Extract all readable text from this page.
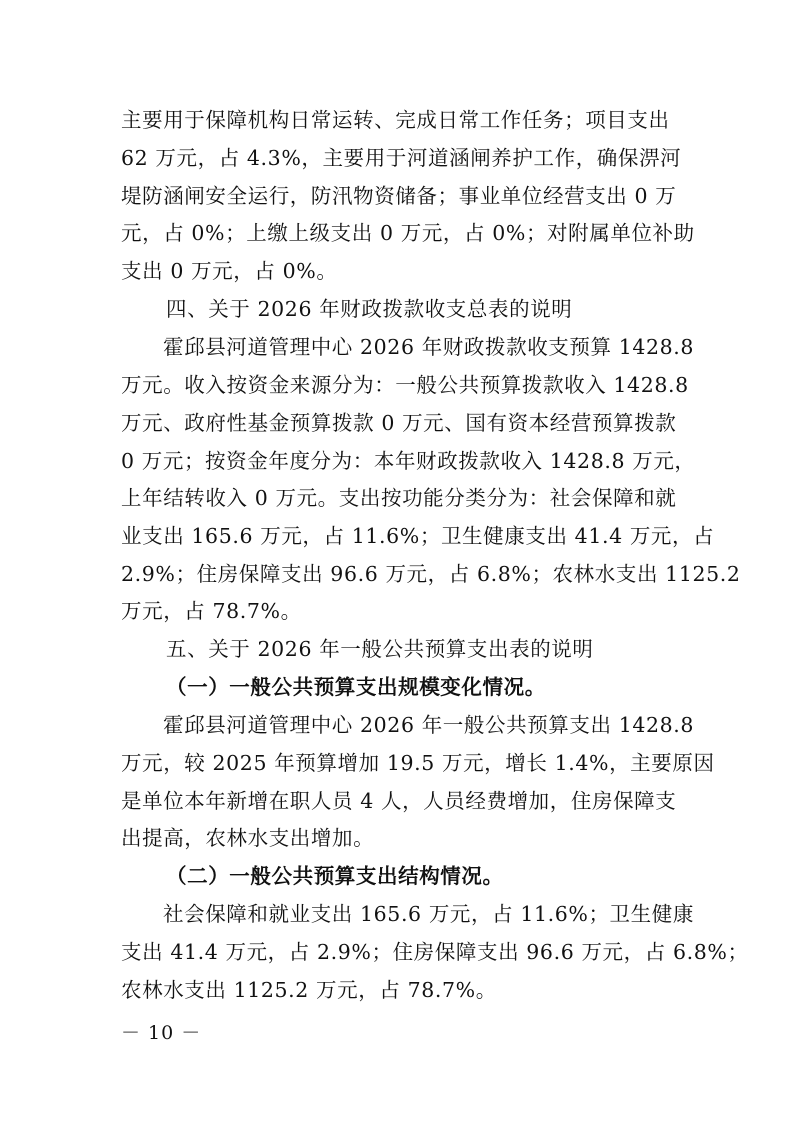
主要用于保障机构日常运转、完成日常工作任务；项目支出

62 万元，占 4.3%，主要用于河道涵闸养护工作，确保淠河

堤防涵闸安全运行，防汛物资储备；事业单位经营支出 0 万

元，占 0%；上缴上级支出 0 万元，占 0%；对附属单位补助

支出 0 万元，占 0%。

四、关于 2026 年财政拨款收支总表的说明

霍邱县河道管理中心 2026 年财政拨款收支预算 1428.8

万元。收入按资金来源分为：一般公共预算拨款收入 1428.8

万元、政府性基金预算拨款 0 万元、国有资本经营预算拨款

0 万元；按资金年度分为：本年财政拨款收入 1428.8 万元，

上年结转收入 0 万元。支出按功能分类分为：社会保障和就

业支出 165.6 万元，占 11.6%；卫生健康支出 41.4 万元，占

2.9%；住房保障支出 96.6 万元，占 6.8%；农林水支出 1125.2

万元，占 78.7%。

五、关于 2026 年一般公共预算支出表的说明

（一）一般公共预算支出规模变化情况。

霍邱县河道管理中心 2026 年一般公共预算支出 1428.8

万元，较 2025 年预算增加 19.5 万元，增长 1.4%，主要原因

是单位本年新增在职人员 4 人，人员经费增加，住房保障支

出提高，农林水支出增加。

（二）一般公共预算支出结构情况。

社会保障和就业支出 165.6 万元，占 11.6%；卫生健康

支出 41.4 万元，占 2.9%；住房保障支出 96.6 万元，占 6.8%；

农林水支出 1125.2 万元，占 78.7%。

－ 10 －
